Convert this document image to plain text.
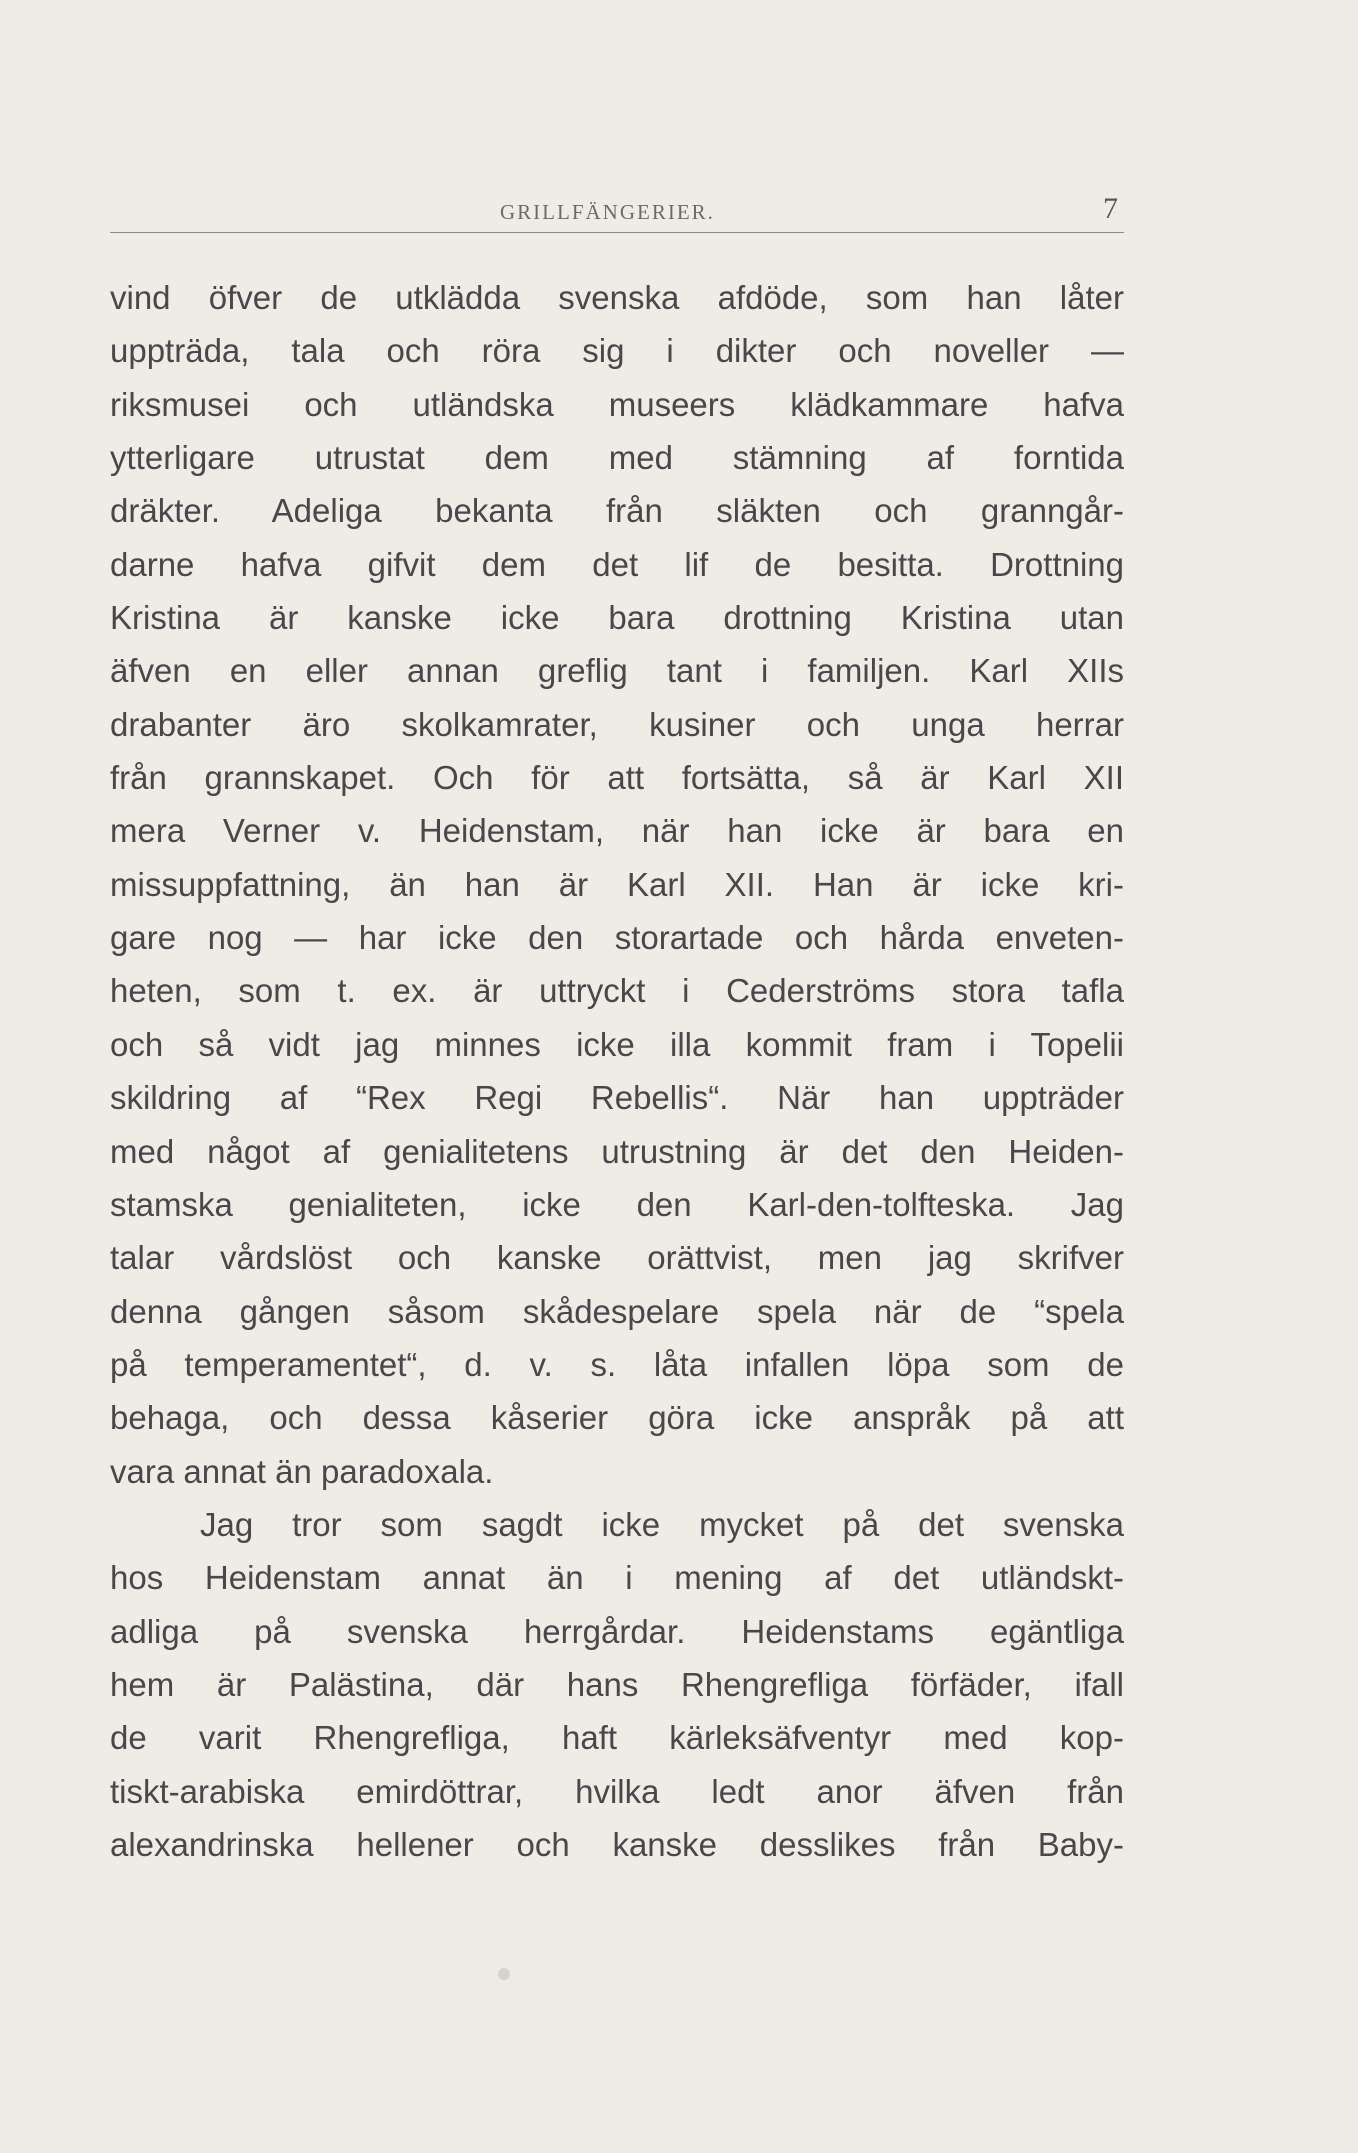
GRILLFÄNGERIER.	7
vind öfver de utklädda svenska afdöde, som han låter
uppträda, tala och röra sig i dikter och noveller —
riksmusei och utländska museers klädkammare hafva
ytterligare utrustat dem med stämning af forntida
dräkter. Adeliga bekanta från släkten och granngår-
darne hafva gifvit dem det lif de besitta. Drottning
Kristina är kanske icke bara drottning Kristina utan
äfven en eller annan greflig tant i familjen. Karl XIIs
drabanter äro skolkamrater, kusiner och unga herrar
från grannskapet. Och för att fortsätta, så är Karl XII
mera Verner v. Heidenstam, när han icke är bara en
missuppfattning, än han är Karl XII. Han är icke kri-
gare nog — har icke den storartade och hårda enveten-
heten, som t. ex. är uttryckt i Cederströms stora tafla
och så vidt jag minnes icke illa kommit fram i Topelii
skildring af “Rex Regi Rebellis“. När han uppträder
med något af genialitetens utrustning är det den Heiden-
stamska genialiteten, icke den Karl-den-tolfteska. Jag
talar vårdslöst och kanske orättvist, men jag skrifver
denna gången såsom skådespelare spela när de “spela
på temperamentet“, d. v. s. låta infallen löpa som de
behaga, och dessa kåserier göra icke anspråk på att
vara annat än paradoxala.
Jag tror som sagdt icke mycket på det svenska
hos Heidenstam annat än i mening af det utländskt-
adliga på svenska herrgårdar. Heidenstams egäntliga
hem är Palästina, där hans Rhengrefliga förfäder, ifall
de varit Rhengrefliga, haft kärleksäfventyr med kop-
tiskt-arabiska emirdöttrar, hvilka ledt anor äfven från
alexandrinska hellener och kanske desslikes från Baby-
